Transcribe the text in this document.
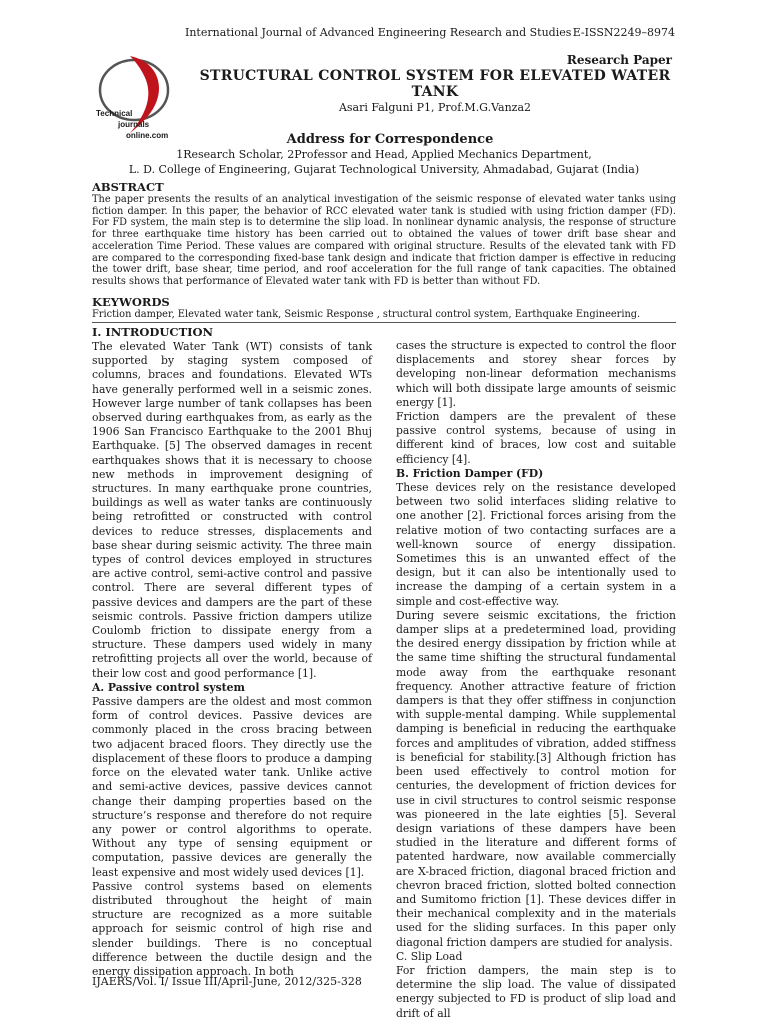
International Journal of Advanced Engineering Research and Studies E-ISSN2249–8974
Research Paper
Technical
journals
online.com
STRUCTURAL CONTROL SYSTEM FOR ELEVATED WATER TANK
Asari Falguni P1, Prof.M.G.Vanza2
Address for Correspondence
1Research Scholar, 2Professor and Head, Applied Mechanics Department,
L. D. College of Engineering, Gujarat Technological University, Ahmadabad, Gujarat (India)
ABSTRACT

The paper presents the results of an analytical investigation of the seismic response of elevated water tanks using fiction damper. In this paper, the behavior of RCC elevated water tank is studied with using friction damper (FD). For FD system, the main step is to determine the slip load. In nonlinear dynamic analysis, the response of structure for three earthquake time history has been carried out to obtained the values of tower drift base shear and acceleration Time Period. These values are compared with original structure. Results of the elevated tank with FD are compared to the corresponding fixed-base tank design and indicate that friction damper is effective in reducing the tower drift, base shear, time period, and roof acceleration for the full range of tank capacities. The obtained results shows that performance of Elevated water tank with FD is better than without FD.

KEYWORDS

Friction damper, Elevated water tank, Seismic Response , structural control system, Earthquake Engineering.

I. INTRODUCTION

The elevated Water Tank (WT) consists of tank supported by staging system composed of columns, braces and foundations. Elevated WTs have generally performed well in a seismic zones. However large number of tank collapses has been observed during earthquakes from, as early as the 1906 San Francisco Earthquake to the 2001 Bhuj Earthquake. [5] The observed damages in recent earthquakes shows that it is necessary to choose new methods in improvement designing of structures. In many earthquake prone countries, buildings as well as water tanks are continuously being retrofitted or constructed with control devices to reduce stresses, displacements and base shear during seismic activity. The three main types of control devices employed in structures are active control, semi-active control and passive control. There are several different types of passive devices and dampers are the part of these seismic controls. Passive friction dampers utilize Coulomb friction to dissipate energy from a structure. These dampers used widely in many retrofitting projects all over the world, because of their low cost and good performance [1].

A. Passive control system

Passive dampers are the oldest and most common form of control devices. Passive devices are commonly placed in the cross bracing between two adjacent braced floors. They directly use the displacement of these floors to produce a damping force on the elevated water tank. Unlike active and semi-active devices, passive devices cannot change their damping properties based on the structure’s response and therefore do not require any power or control algorithms to operate. Without any type of sensing equipment or computation, passive devices are generally the least expensive and most widely used devices [1].

Passive control systems based on elements distributed throughout the height of main structure are recognized as a more suitable approach for seismic control of high rise and slender buildings. There is no conceptual difference between the ductile design and the energy dissipation approach. In both

cases the structure is expected to control the floor displacements and storey shear forces by developing non-linear deformation mechanisms which will both dissipate large amounts of seismic energy [1].

Friction dampers are the prevalent of these passive control systems, because of using in different kind of braces, low cost and suitable efficiency [4].

B. Friction Damper (FD)

These devices rely on the resistance developed between two solid interfaces sliding relative to one another [2]. Frictional forces arising from the relative motion of two contacting surfaces are a well-known source of energy dissipation. Sometimes this is an unwanted effect of the design, but it can also be intentionally used to increase the damping of a certain system in a simple and cost-effective way.

During severe seismic excitations, the friction damper slips at a predetermined load, providing the desired energy dissipation by friction while at the same time shifting the structural fundamental mode away from the earthquake resonant frequency. Another attractive feature of friction dampers is that they offer stiffness in conjunction with supple-mental damping. While supplemental damping is beneficial in reducing the earthquake forces and amplitudes of vibration, added stiffness is beneficial for stability.[3] Although friction has been used effectively to control motion for centuries, the development of friction devices for use in civil structures to control seismic response was pioneered in the late eighties [5]. Several design variations of these dampers have been studied in the literature and different forms of patented hardware, now available commercially are X-braced friction, diagonal braced friction and chevron braced friction, slotted bolted connection and Sumitomo friction [1]. These devices differ in their mechanical complexity and in the materials used for the sliding surfaces. In this paper only diagonal friction dampers are studied for analysis.

C. Slip Load

For friction dampers, the main step is to determine the slip load. The value of dissipated energy subjected to FD is product of slip load and drift of all

IJAERS/Vol. I/ Issue III/April-June, 2012/325-328
